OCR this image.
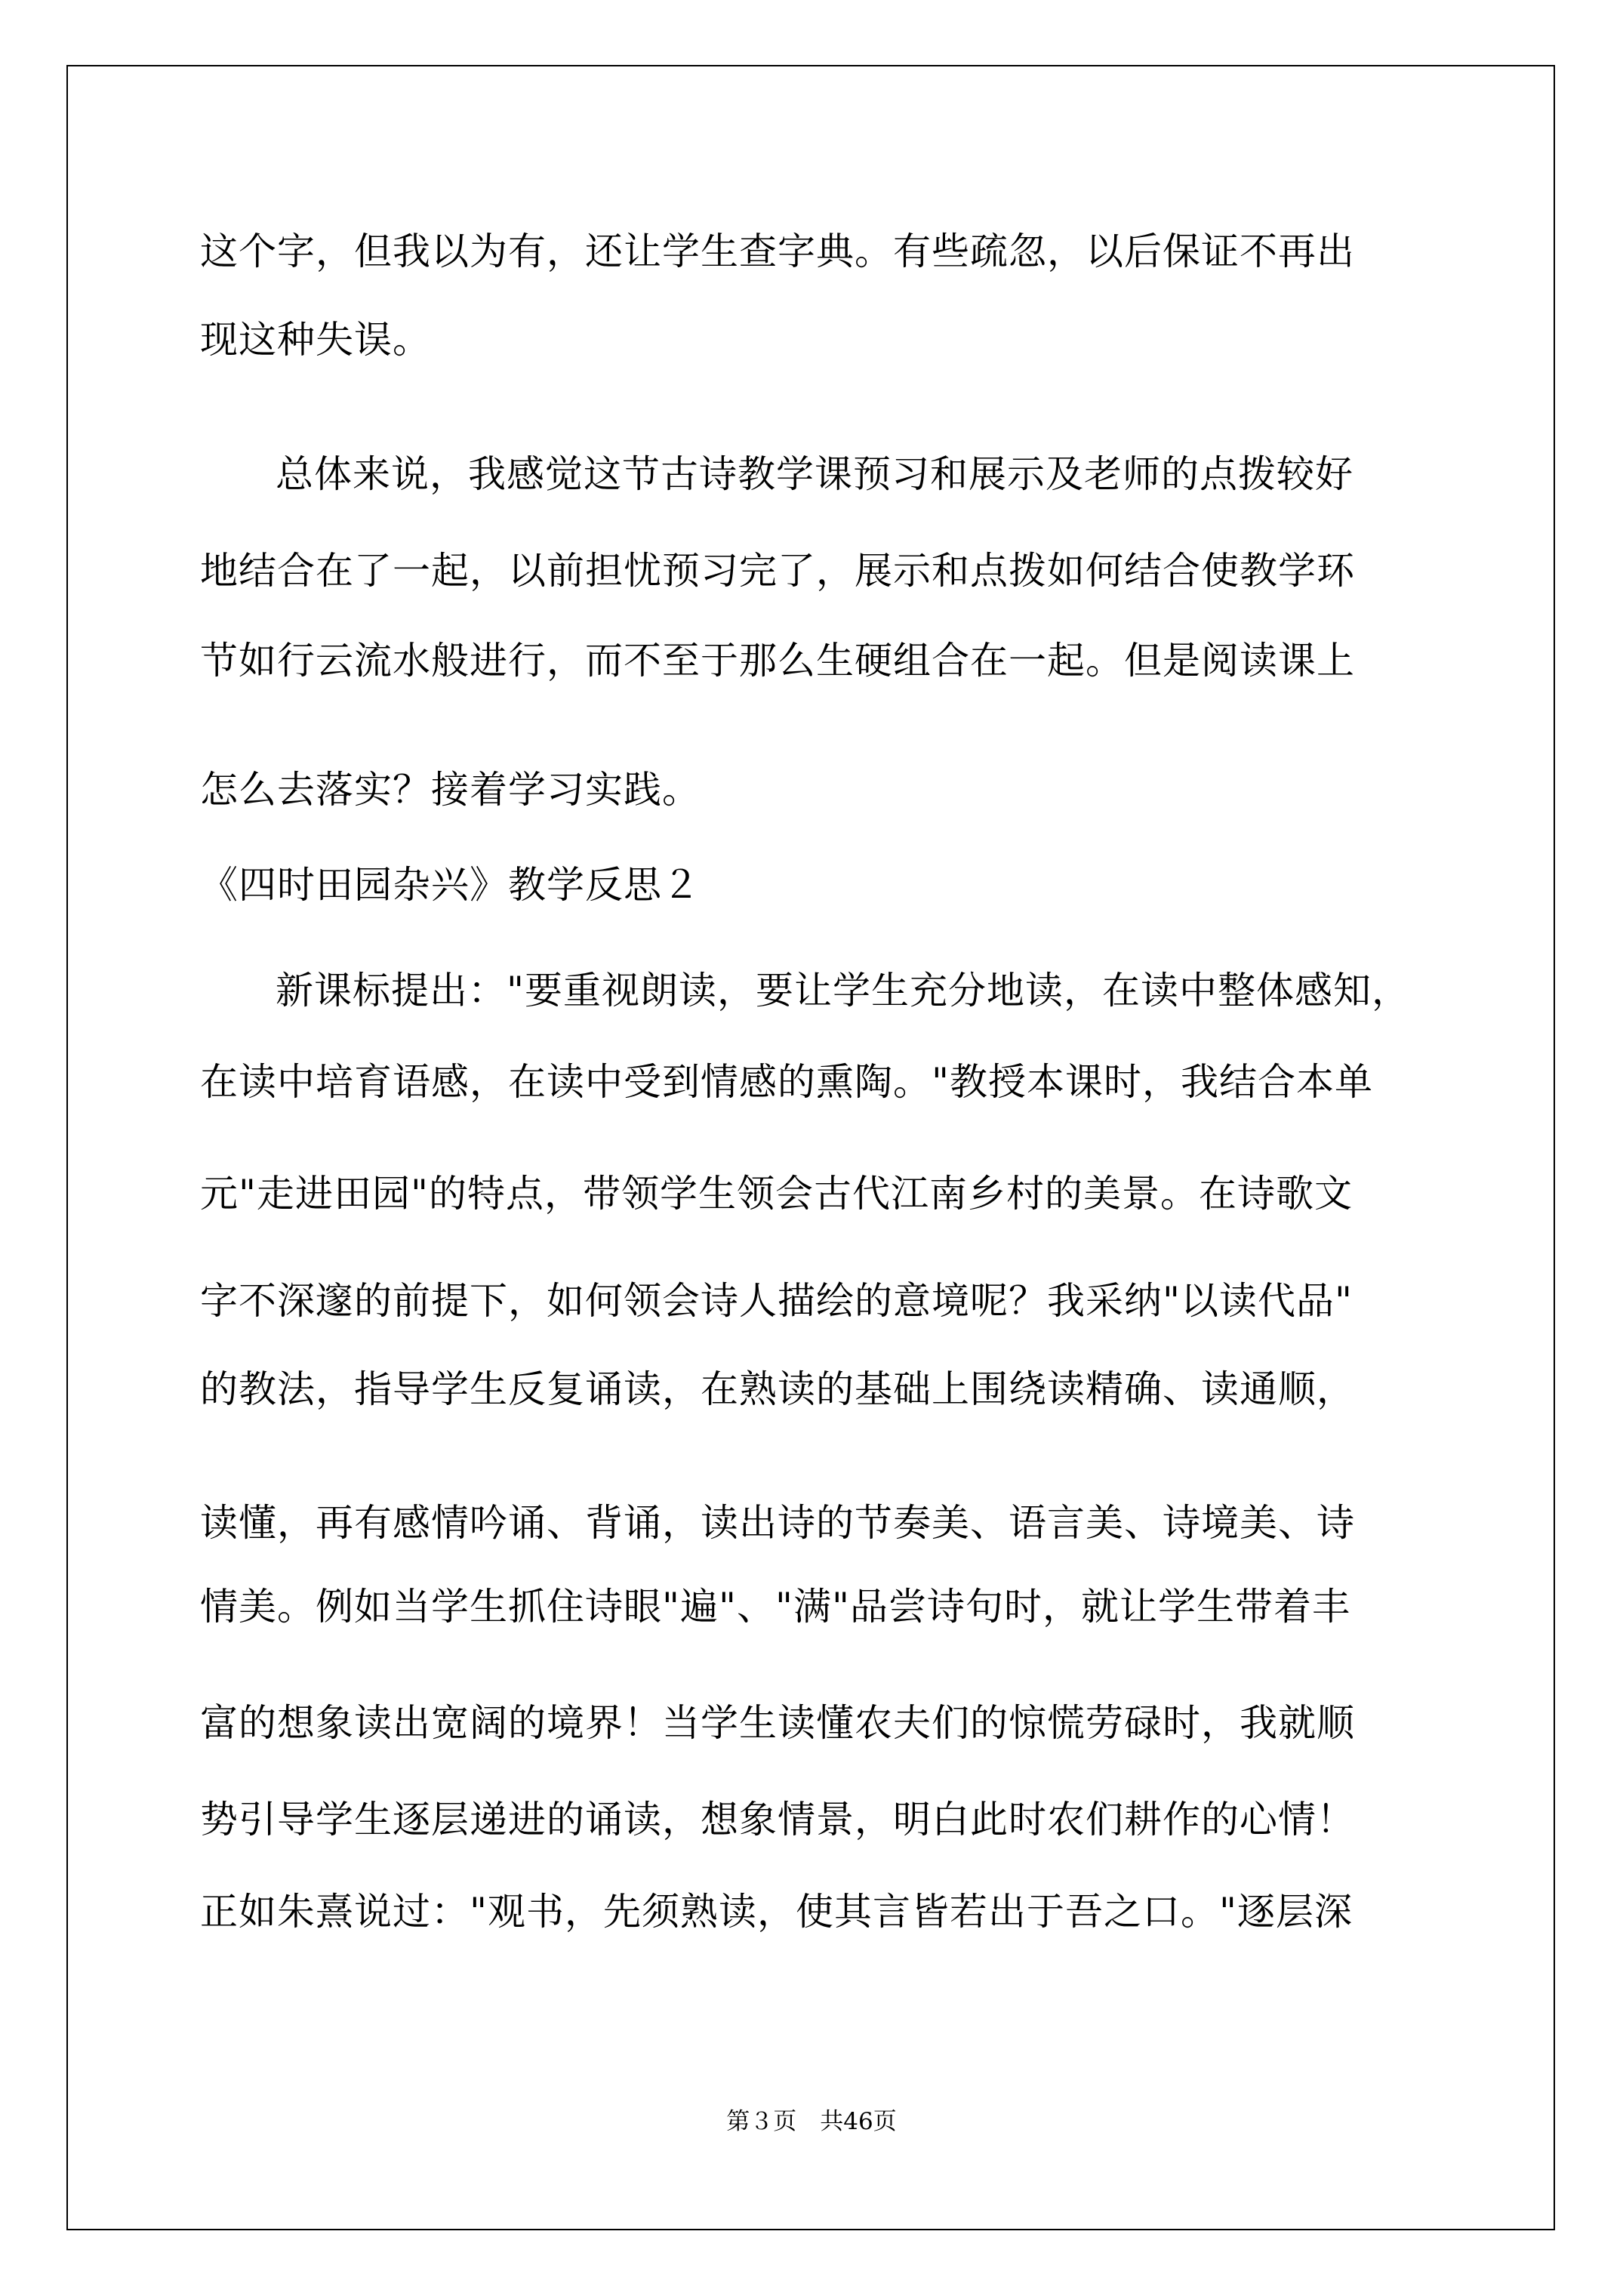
这个字，但我以为有，还让学生查字典。有些疏忽，以后保证不再出
现这种失误。
总体来说，我感觉这节古诗教学课预习和展示及老师的点拨较好
地结合在了一起，以前担忧预习完了，展示和点拨如何结合使教学环
节如行云流水般进行，而不至于那么生硬组合在一起。但是阅读课上
怎么去落实？接着学习实践。
《四时田园杂兴》教学反思２
新课标提出："要重视朗读，要让学生充分地读，在读中整体感知，
在读中培育语感，在读中受到情感的熏陶。"教授本课时，我结合本单
元"走进田园"的特点，带领学生领会古代江南乡村的美景。在诗歌文
字不深邃的前提下，如何领会诗人描绘的意境呢？我采纳"以读代品"
的教法，指导学生反复诵读，在熟读的基础上围绕读精确、读通顺，
读懂，再有感情吟诵、背诵，读出诗的节奏美、语言美、诗境美、诗
情美。例如当学生抓住诗眼"遍"、"满"品尝诗句时，就让学生带着丰
富的想象读出宽阔的境界！当学生读懂农夫们的惊慌劳碌时，我就顺
势引导学生逐层递进的诵读，想象情景，明白此时农们耕作的心情！
正如朱熹说过："观书，先须熟读，使其言皆若出于吾之口。"逐层深
第３页　共46页
